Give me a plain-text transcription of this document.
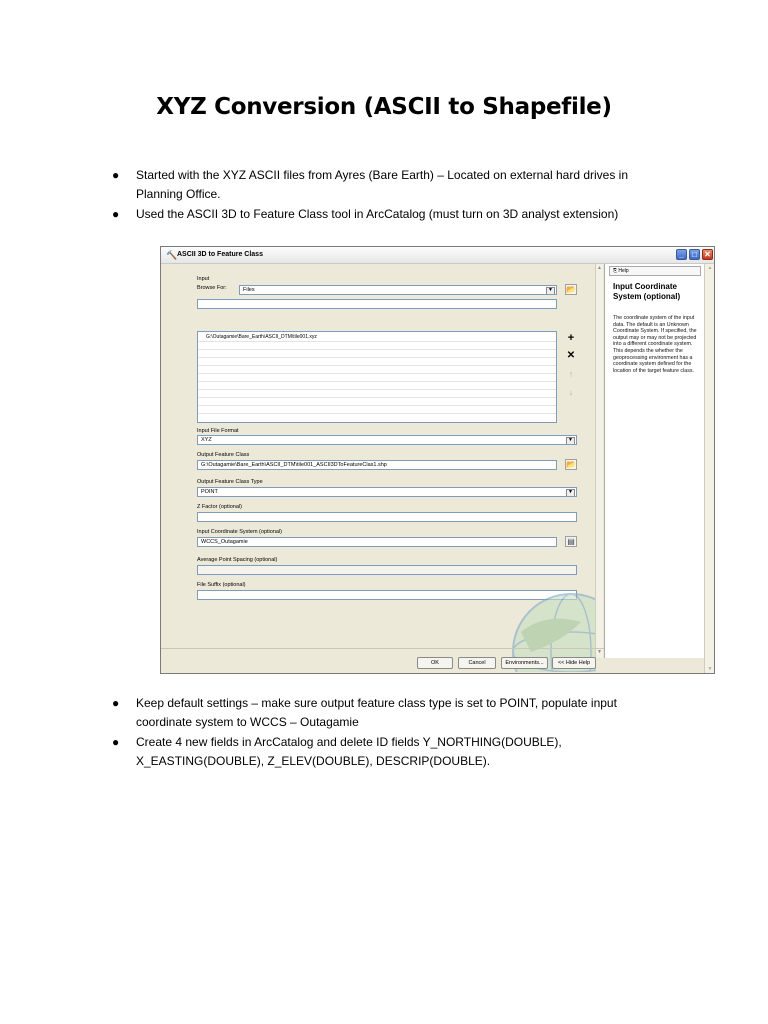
XYZ Conversion (ASCII to Shapefile)
● Started with the XYZ ASCII files from Ayres (Bare Earth) – Located on external hard drives in Planning Office.
● Used the ASCII 3D to Feature Class tool in ArcCatalog (must turn on 3D analyst extension)
🔨 ASCII 3D to Feature Class	_	□ ✕
Input
Browse For:	Files	▼ 📂
G:\Outagamie\Bare_Earth\ASCII_DTM\tile001.xyz	+
✕
↑
↓
Input File Format
XYZ	▼
Output Feature Class
G:\Outagamie\Bare_Earth\ASCII_DTM\tile001_ASCII3DToFeatureClas1.shp	📂
Output Feature Class Type
POINT	▼
Z Factor (optional)
Input Coordinate System (optional)
WCCS_Outagamie	▤
Average Point Spacing (optional)
File Suffix (optional)
▲
▼
⎘ Help
Input Coordinate System (optional)
The coordinate system of the input data. The default is an Unknown Coordinate System. If specified, the output may or may not be projected into a different coordinate system. This depends the whether the geoprocessing environment has a coordinate system defined for the location of the target feature class.
▲
▼
OK	Cancel	Environments...	<< Hide Help
● Keep default settings – make sure output feature class type is set to POINT, populate input coordinate system to WCCS – Outagamie
● Create 4 new fields in ArcCatalog and delete ID fields Y_NORTHING(DOUBLE), X_EASTING(DOUBLE), Z_ELEV(DOUBLE), DESCRIP(DOUBLE).
